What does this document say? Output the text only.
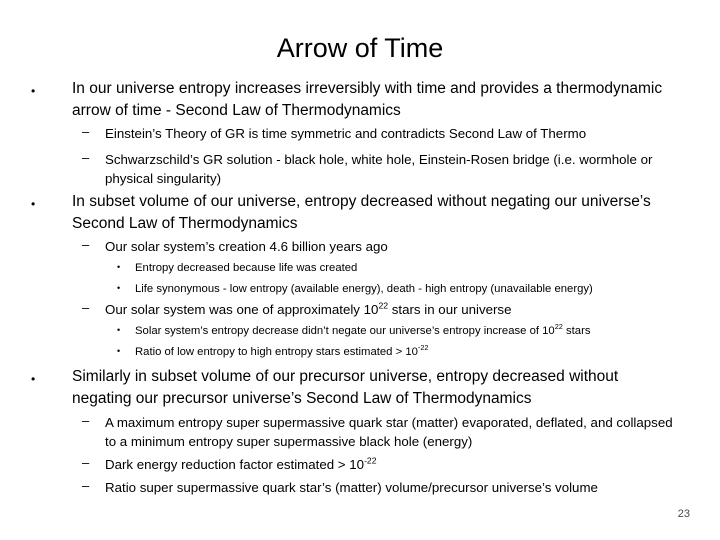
Arrow of Time
• In our universe entropy increases irreversibly with time and provides a thermodynamic arrow of time - Second Law of Thermodynamics
– Einstein’s Theory of GR is time symmetric and contradicts Second Law of Thermo
– Schwarzschild’s GR solution - black hole, white hole, Einstein-Rosen bridge (i.e. wormhole or physical singularity)
• In subset volume of our universe, entropy decreased without negating our universe’s Second Law of Thermodynamics
– Our solar system’s creation 4.6 billion years ago
• Entropy decreased because life was created
• Life synonymous - low entropy (available energy), death - high entropy (unavailable energy)
– Our solar system was one of approximately $10^{22}$ stars in our universe
• Solar system’s entropy decrease didn’t negate our universe’s entropy increase of $10^{22}$ stars
• Ratio of low entropy to high entropy stars estimated > $10^{-22}$
• Similarly in subset volume of our precursor universe, entropy decreased without negating our precursor universe’s Second Law of Thermodynamics
– A maximum entropy super supermassive quark star (matter) evaporated, deflated, and collapsed to a minimum entropy super supermassive black hole (energy)
– Dark energy reduction factor estimated > $10^{-22}$
– Ratio super supermassive quark star’s (matter) volume/precursor universe’s volume
23
